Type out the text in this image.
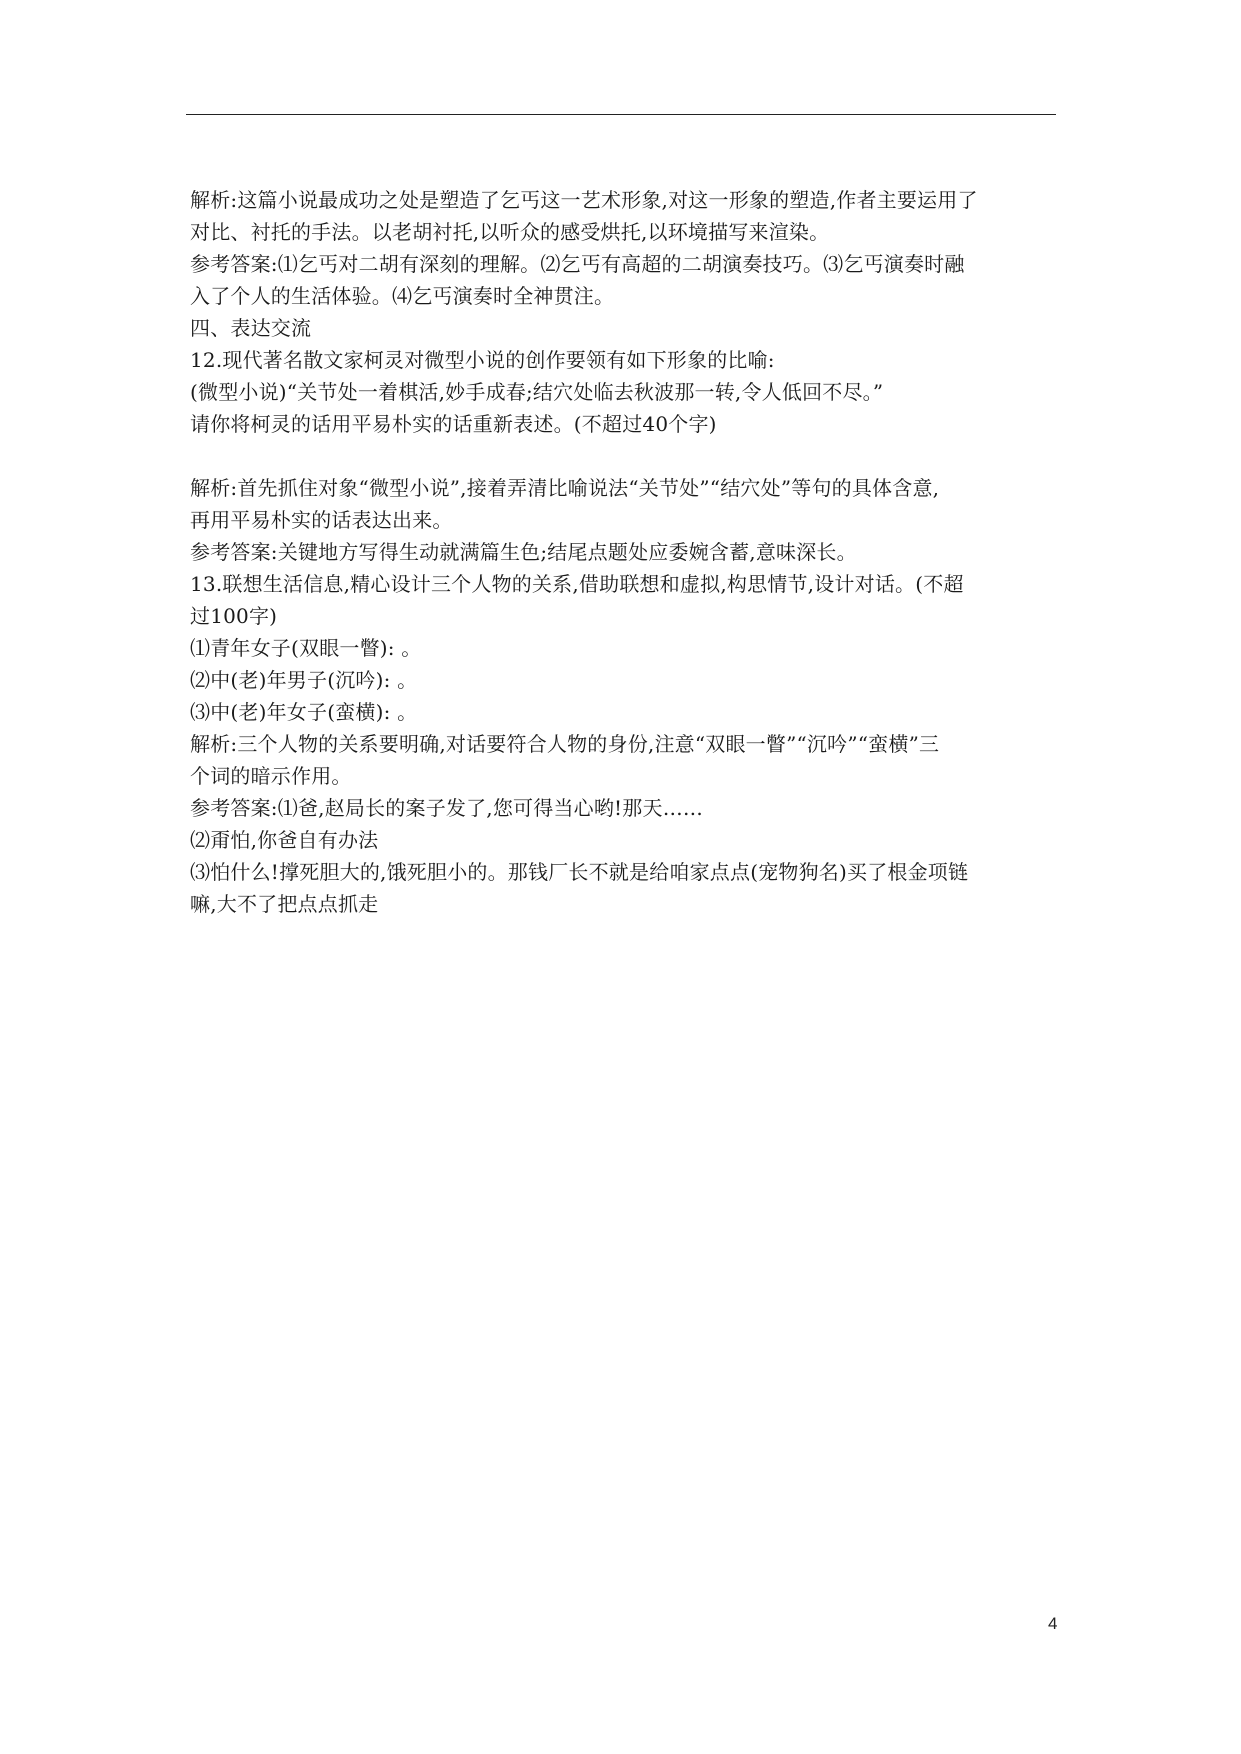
解析:这篇小说最成功之处是塑造了乞丐这一艺术形象,对这一形象的塑造,作者主要运用了
对比、衬托的手法。以老胡衬托,以听众的感受烘托,以环境描写来渲染。
参考答案:⑴乞丐对二胡有深刻的理解。⑵乞丐有高超的二胡演奏技巧。⑶乞丐演奏时融
入了个人的生活体验。⑷乞丐演奏时全神贯注。
四、表达交流
12.现代著名散文家柯灵对微型小说的创作要领有如下形象的比喻:
(微型小说)“关节处一着棋活,妙手成春;结穴处临去秋波那一转,令人低回不尽。”
请你将柯灵的话用平易朴实的话重新表述。(不超过40个字)
解析:首先抓住对象“微型小说”,接着弄清比喻说法“关节处”“结穴处”等句的具体含意,
再用平易朴实的话表达出来。
参考答案:关键地方写得生动就满篇生色;结尾点题处应委婉含蓄,意味深长。
13.联想生活信息,精心设计三个人物的关系,借助联想和虚拟,构思情节,设计对话。(不超
过100字)
⑴青年女子(双眼一瞥): 。
⑵中(老)年男子(沉吟): 。
⑶中(老)年女子(蛮横): 。
解析:三个人物的关系要明确,对话要符合人物的身份,注意“双眼一瞥”“沉吟”“蛮横”三
个词的暗示作用。
参考答案:⑴爸,赵局长的案子发了,您可得当心哟!那天……
⑵甭怕,你爸自有办法
⑶怕什么!撑死胆大的,饿死胆小的。那钱厂长不就是给咱家点点(宠物狗名)买了根金项链
嘛,大不了把点点抓走
4
